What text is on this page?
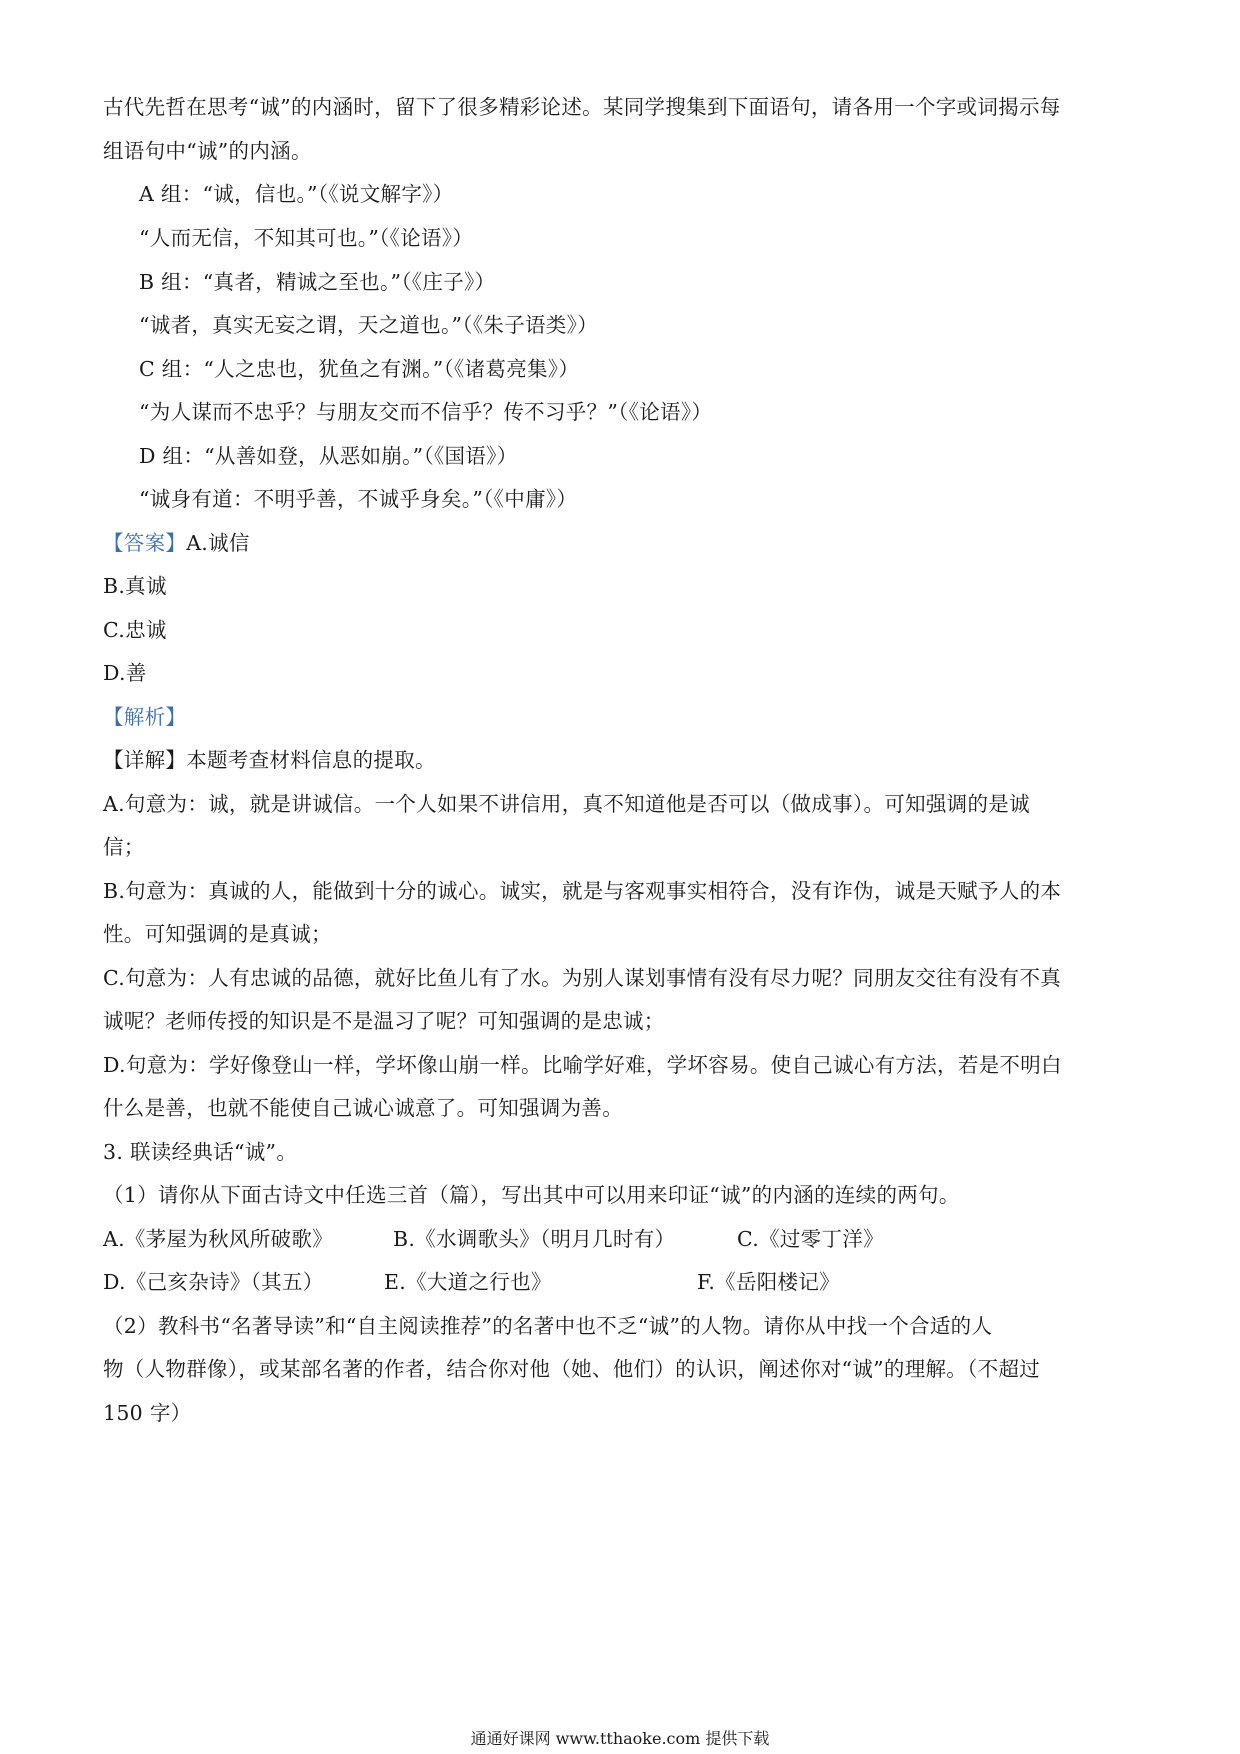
古代先哲在思考“诚”的内涵时，留下了很多精彩论述。某同学搜集到下面语句，请各用一个字或词揭示每
组语句中“诚”的内涵。
A 组：“诚，信也。”（《说文解字》）
“人而无信，不知其可也。”（《论语》）
B 组：“真者，精诚之至也。”（《庄子》）
“诚者，真实无妄之谓，天之道也。”（《朱子语类》）
C 组：“人之忠也，犹鱼之有渊。”（《诸葛亮集》）
“为人谋而不忠乎？与朋友交而不信乎？传不习乎？”（《论语》）
D 组：“从善如登，从恶如崩。”（《国语》）
“诚身有道：不明乎善，不诚乎身矣。”（《中庸》）
【答案】A.诚信
B.真诚
C.忠诚
D.善
【解析】
【详解】本题考查材料信息的提取。
A.句意为：诚，就是讲诚信。一个人如果不讲信用，真不知道他是否可以（做成事）。可知强调的是诚
信；
B.句意为：真诚的人，能做到十分的诚心。诚实，就是与客观事实相符合，没有诈伪，诚是天赋予人的本
性。可知强调的是真诚；
C.句意为：人有忠诚的品德，就好比鱼儿有了水。为别人谋划事情有没有尽力呢？同朋友交往有没有不真
诚呢？老师传授的知识是不是温习了呢？可知强调的是忠诚；
D.句意为：学好像登山一样，学坏像山崩一样。比喻学好难，学坏容易。使自己诚心有方法，若是不明白
什么是善，也就不能使自己诚心诚意了。可知强调为善。
3. 联读经典话“诚”。
（1）请你从下面古诗文中任选三首（篇），写出其中可以用来印证“诚”的内涵的连续的两句。
A.《茅屋为秋风所破歌》	B.《水调歌头》（明月几时有）	C.《过零丁洋》
D.《己亥杂诗》（其五）	E.《大道之行也》	F.《岳阳楼记》
（2）教科书“名著导读”和“自主阅读推荐”的名著中也不乏“诚”的人物。请你从中找一个合适的人
物（人物群像），或某部名著的作者，结合你对他（她、他们）的认识，阐述你对“诚”的理解。（不超过
150 字）
通通好课网 www.tthaoke.com 提供下载
